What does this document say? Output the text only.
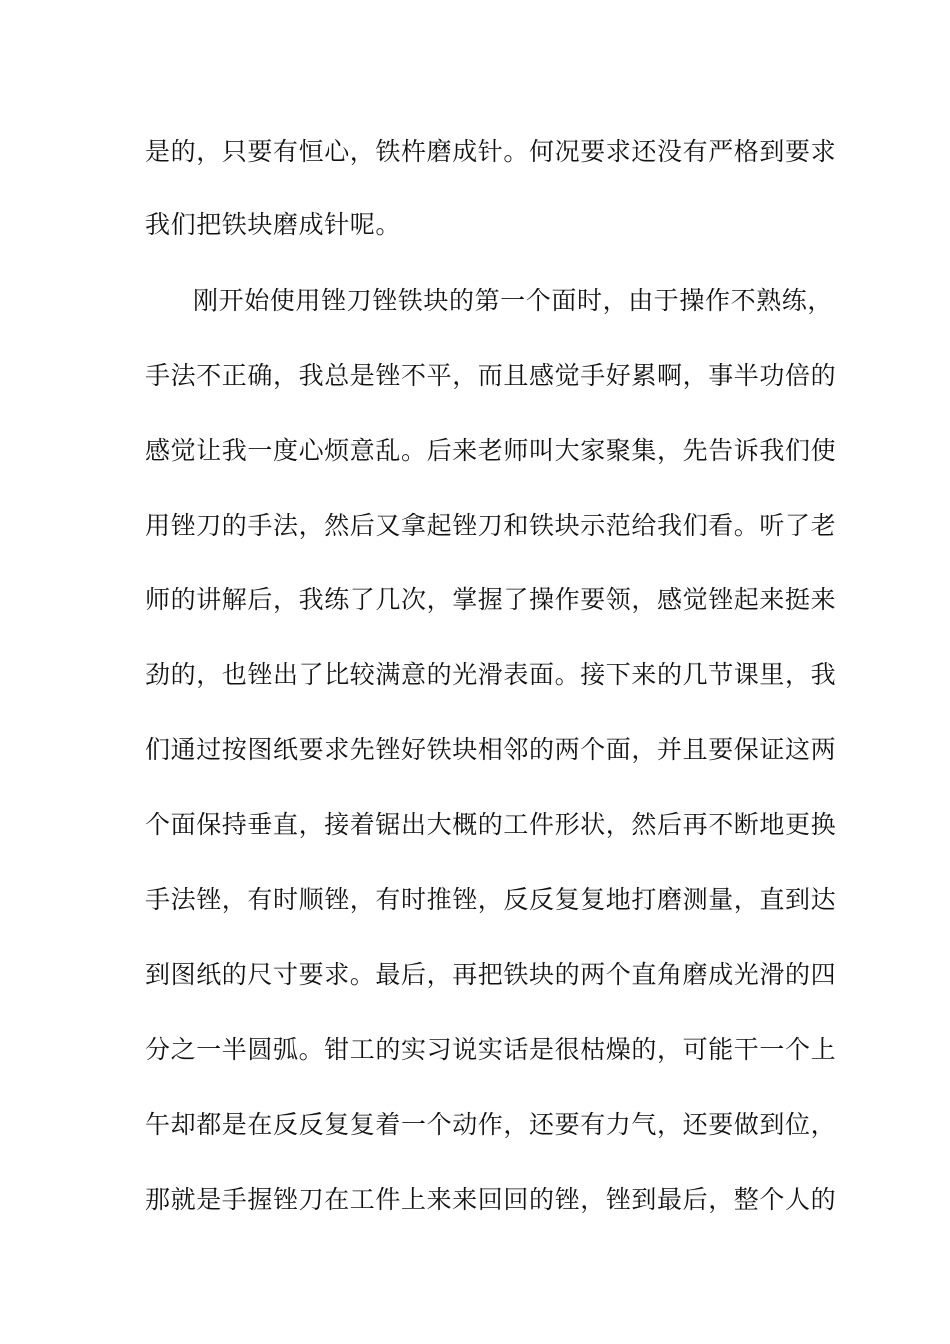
是的，只要有恒心，铁杵磨成针。何况要求还没有严格到要求
我们把铁块磨成针呢。
刚开始使用锉刀锉铁块的第一个面时，由于操作不熟练，
手法不正确，我总是锉不平，而且感觉手好累啊，事半功倍的
感觉让我一度心烦意乱。后来老师叫大家聚集，先告诉我们使
用锉刀的手法，然后又拿起锉刀和铁块示范给我们看。听了老
师的讲解后，我练了几次，掌握了操作要领，感觉锉起来挺来
劲的，也锉出了比较满意的光滑表面。接下来的几节课里，我
们通过按图纸要求先锉好铁块相邻的两个面，并且要保证这两
个面保持垂直，接着锯出大概的工件形状，然后再不断地更换
手法锉，有时顺锉，有时推锉，反反复复地打磨测量，直到达
到图纸的尺寸要求。最后，再把铁块的两个直角磨成光滑的四
分之一半圆弧。钳工的实习说实话是很枯燥的，可能干一个上
午却都是在反反复复着一个动作，还要有力气，还要做到位，
那就是手握锉刀在工件上来来回回的锉，锉到最后，整个人的
